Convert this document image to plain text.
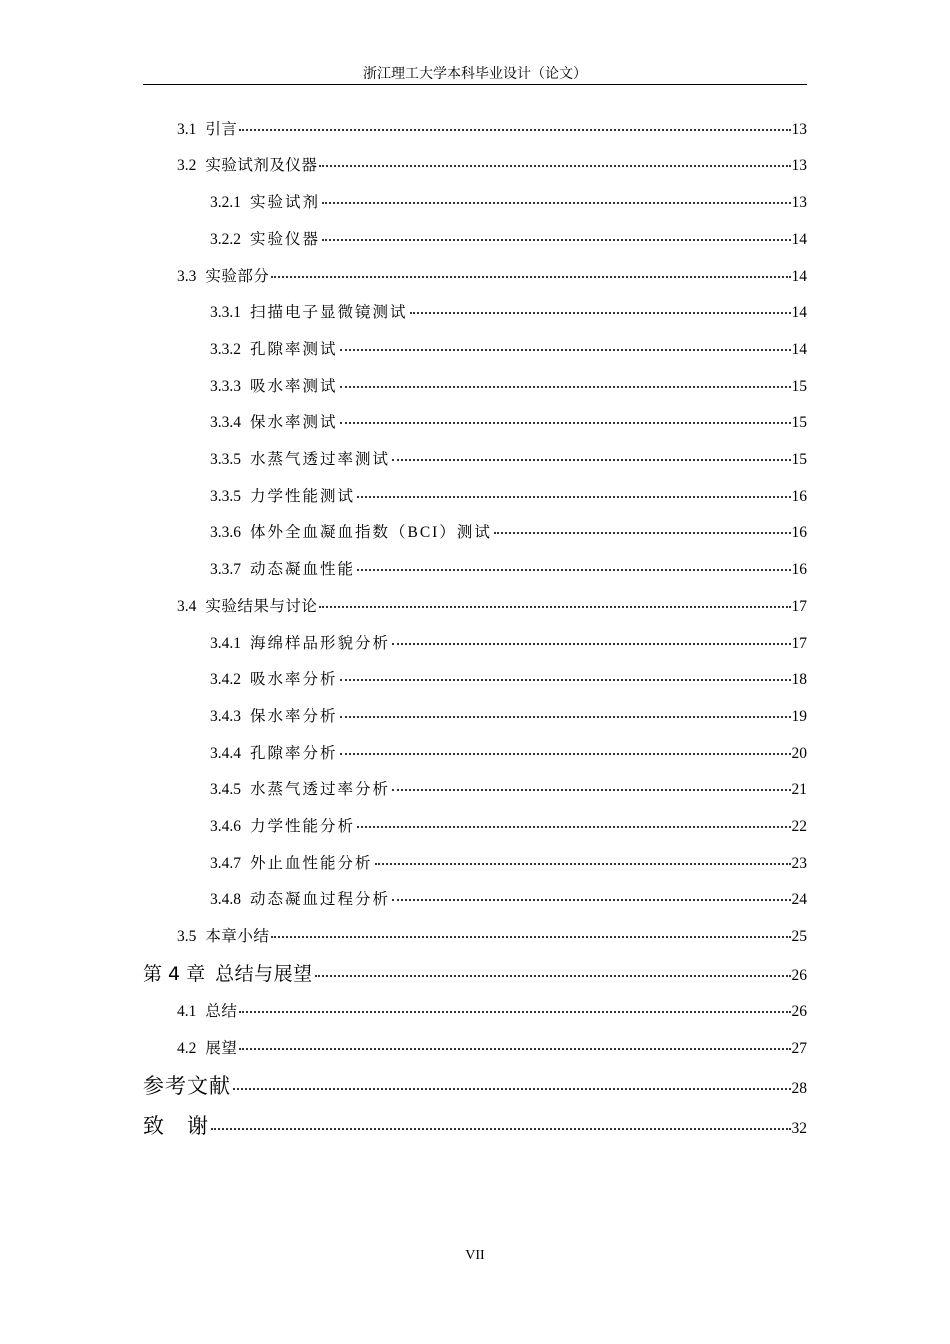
浙江理工大学本科毕业设计（论文）
3.1 引言	13
3.2 实验试剂及仪器	13
3.2.1 实验试剂	13
3.2.2 实验仪器	14
3.3 实验部分	14
3.3.1 扫描电子显微镜测试	14
3.3.2 孔隙率测试	14
3.3.3 吸水率测试	15
3.3.4 保水率测试	15
3.3.5 水蒸气透过率测试	15
3.3.5 力学性能测试	16
3.3.6 体外全血凝血指数（BCI）测试	16
3.3.7 动态凝血性能	16
3.4 实验结果与讨论	17
3.4.1 海绵样品形貌分析	17
3.4.2 吸水率分析	18
3.4.3 保水率分析	19
3.4.4 孔隙率分析	20
3.4.5 水蒸气透过率分析	21
3.4.6 力学性能分析	22
3.4.7 外止血性能分析	23
3.4.8 动态凝血过程分析	24
3.5 本章小结	25
第 4 章 总结与展望	26
4.1 总结	26
4.2 展望	27
参考文献	28
致　谢	32
VII
